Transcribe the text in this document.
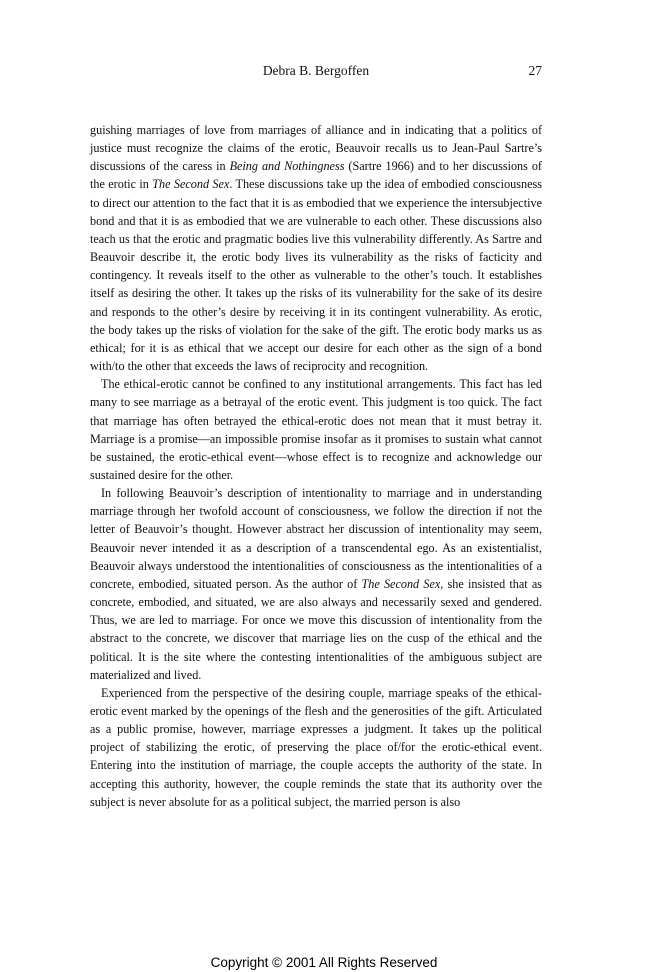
Debra B. Bergoffen	27

guishing marriages of love from marriages of alliance and in indicating that a politics of justice must recognize the claims of the erotic, Beauvoir recalls us to Jean-Paul Sartre’s discussions of the caress in Being and Nothingness (Sartre 1966) and to her discussions of the erotic in The Second Sex. These discussions take up the idea of embodied consciousness to direct our attention to the fact that it is as embodied that we experience the intersubjective bond and that it is as embodied that we are vulnerable to each other. These discussions also teach us that the erotic and pragmatic bodies live this vulnerability differently. As Sartre and Beauvoir describe it, the erotic body lives its vulnerability as the risks of facticity and contingency. It reveals itself to the other as vulnerable to the other’s touch. It establishes itself as desiring the other. It takes up the risks of its vulnerability for the sake of its desire and responds to the other’s desire by receiving it in its contingent vulnerability. As erotic, the body takes up the risks of violation for the sake of the gift. The erotic body marks us as ethical; for it is as ethical that we accept our desire for each other as the sign of a bond with/to the other that exceeds the laws of reciprocity and recognition.

The ethical-erotic cannot be confined to any institutional arrangements. This fact has led many to see marriage as a betrayal of the erotic event. This judgment is too quick. The fact that marriage has often betrayed the ethical-erotic does not mean that it must betray it. Marriage is a promise—an impossible promise insofar as it promises to sustain what cannot be sustained, the erotic-ethical event—whose effect is to recognize and acknowledge our sustained desire for the other.

In following Beauvoir’s description of intentionality to marriage and in understanding marriage through her twofold account of consciousness, we follow the direction if not the letter of Beauvoir’s thought. However abstract her discussion of intentionality may seem, Beauvoir never intended it as a description of a transcendental ego. As an existentialist, Beauvoir always understood the intentionalities of consciousness as the intentionalities of a concrete, embodied, situated person. As the author of The Second Sex, she insisted that as concrete, embodied, and situated, we are also always and necessarily sexed and gendered. Thus, we are led to marriage. For once we move this discussion of intentionality from the abstract to the concrete, we discover that marriage lies on the cusp of the ethical and the political. It is the site where the contesting intentionalities of the ambiguous subject are materialized and lived.

Experienced from the perspective of the desiring couple, marriage speaks of the ethical-erotic event marked by the openings of the flesh and the generosities of the gift. Articulated as a public promise, however, marriage expresses a judgment. It takes up the political project of stabilizing the erotic, of preserving the place of/for the erotic-ethical event. Entering into the institution of marriage, the couple accepts the authority of the state. In accepting this authority, however, the couple reminds the state that its authority over the subject is never absolute for as a political subject, the married person is also

Copyright © 2001 All Rights Reserved
